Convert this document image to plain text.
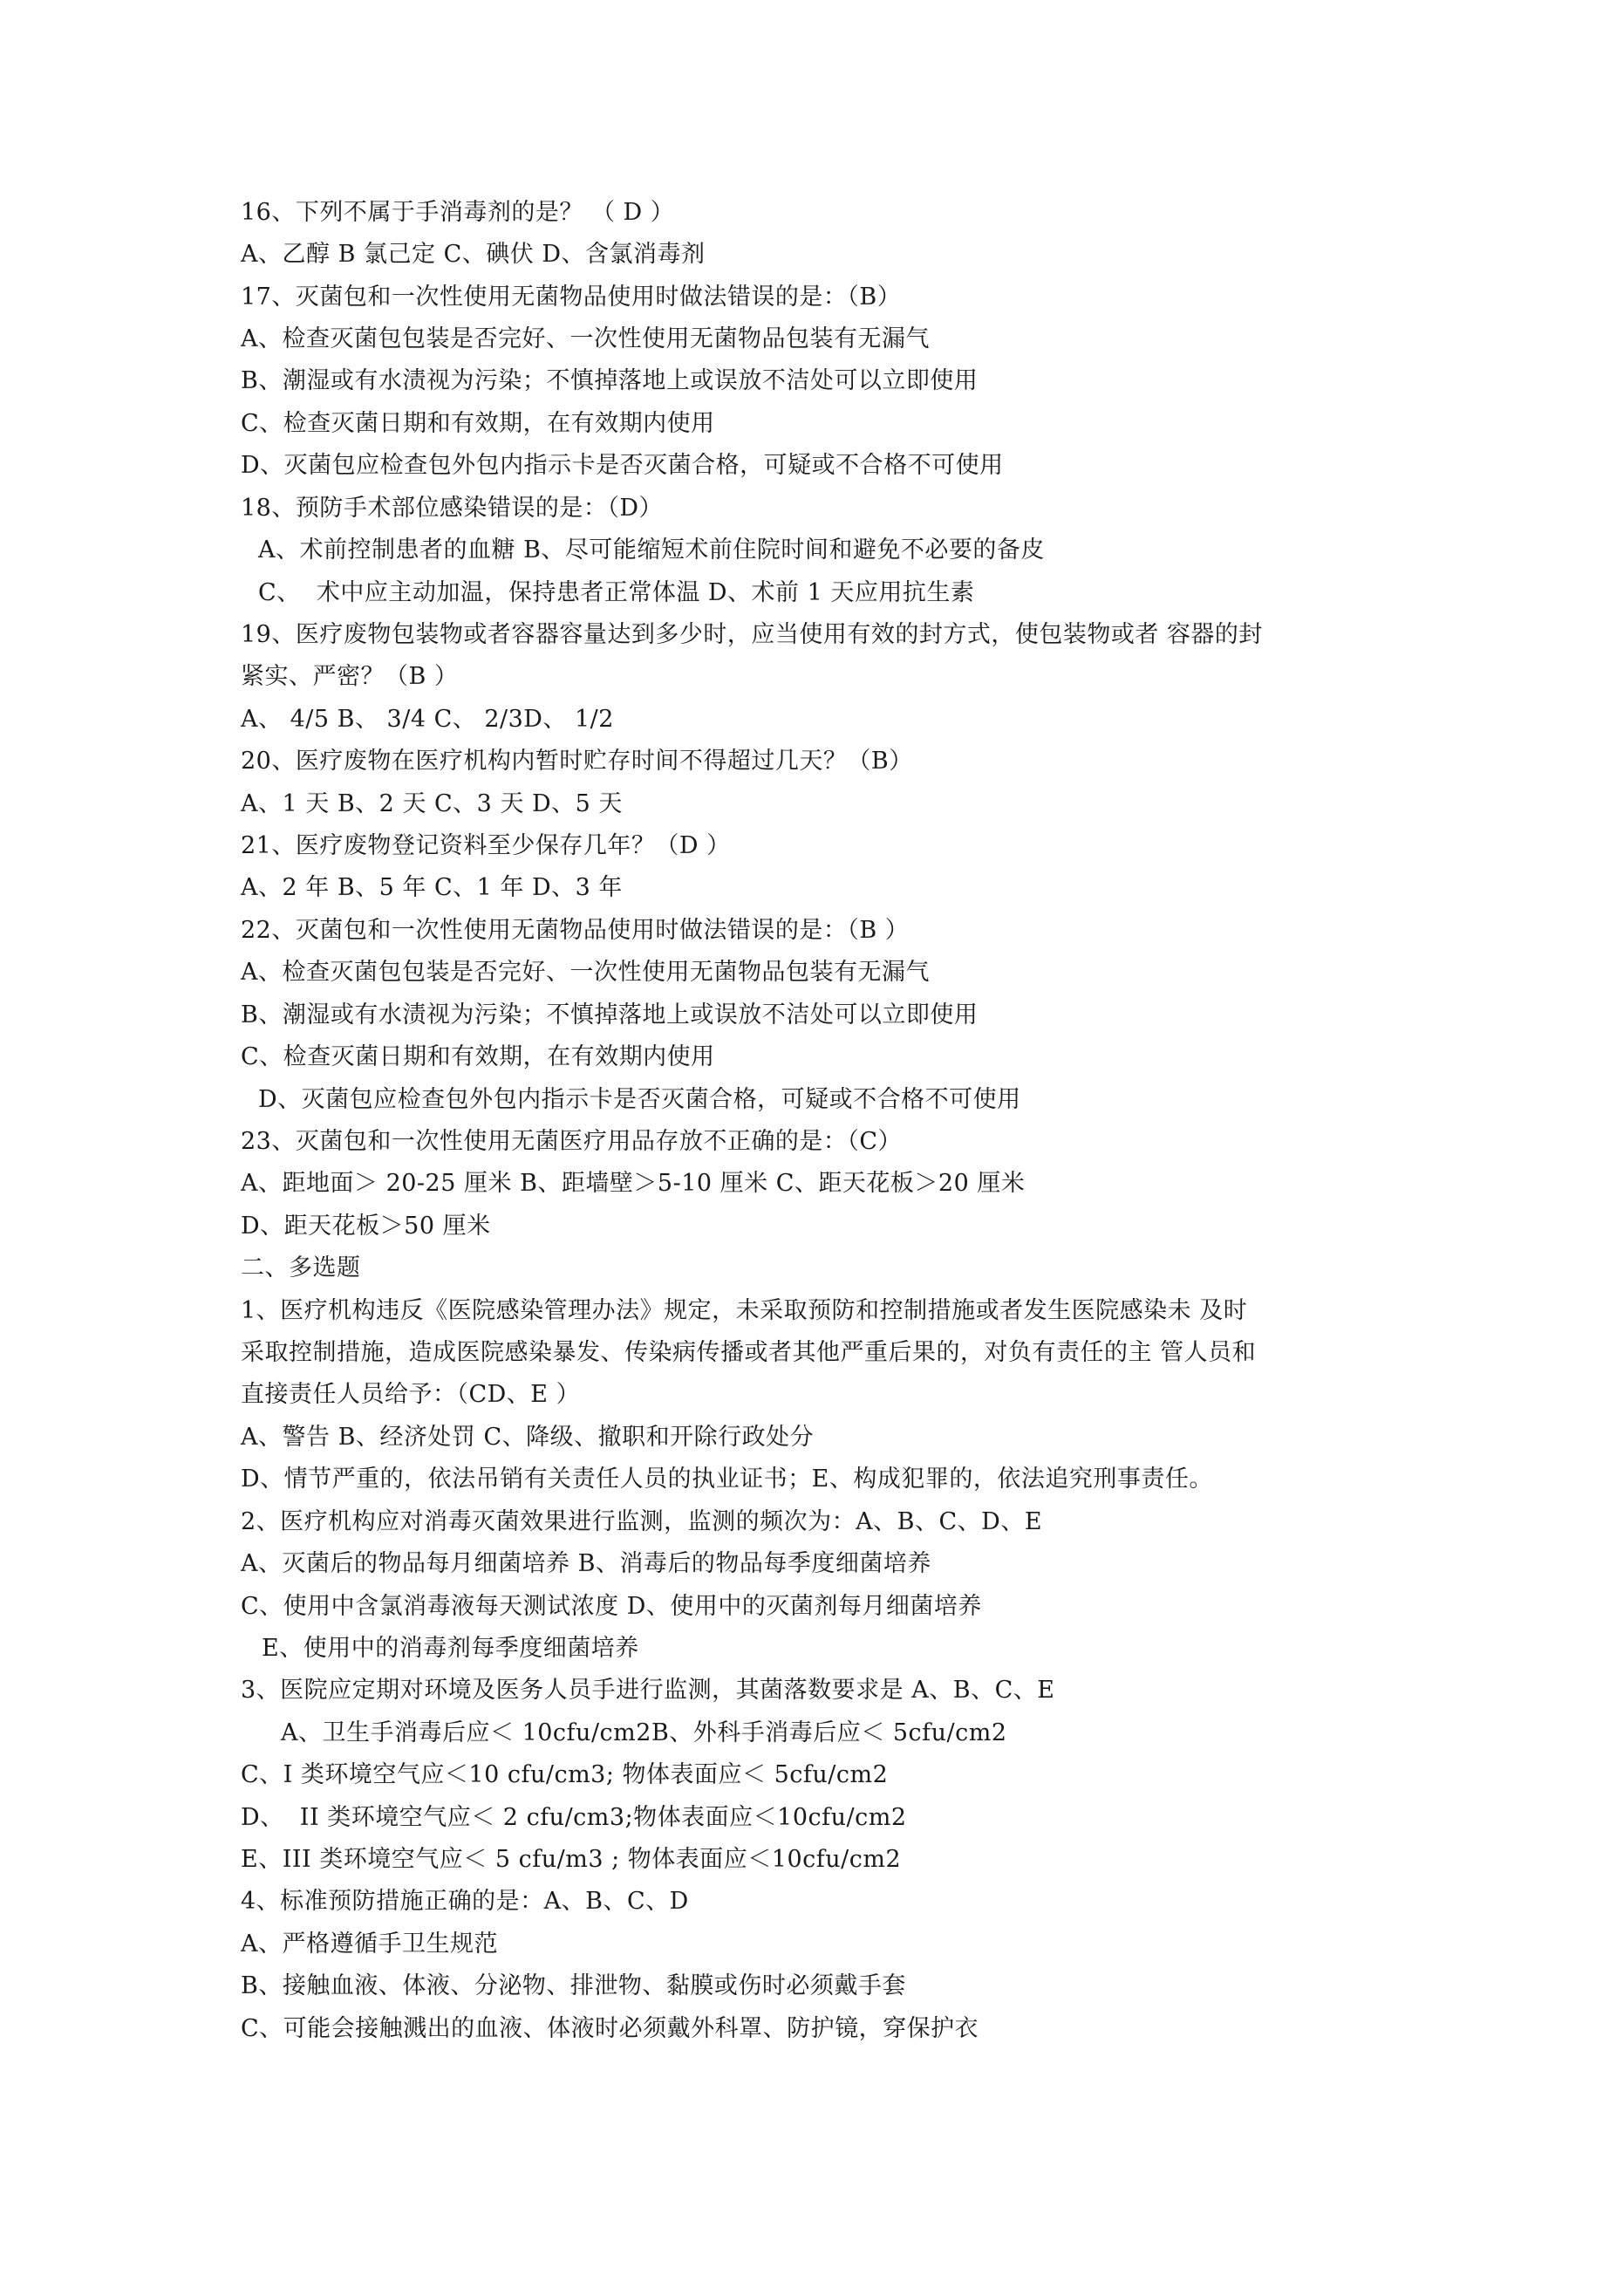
16、下列不属于手消毒剂的是？ （ D ）
A、乙醇 B 氯己定 C、碘伏 D、含氯消毒剂
17、灭菌包和一次性使用无菌物品使用时做法错误的是：（B）
A、检查灭菌包包装是否完好、一次性使用无菌物品包装有无漏气
B、潮湿或有水渍视为污染；不慎掉落地上或误放不洁处可以立即使用
C、检查灭菌日期和有效期，在有效期内使用
D、灭菌包应检查包外包内指示卡是否灭菌合格，可疑或不合格不可使用
18、预防手术部位感染错误的是：（D）
A、术前控制患者的血糖 B、尽可能缩短术前住院时间和避免不必要的备皮
C、  术中应主动加温，保持患者正常体温 D、术前 1 天应用抗生素
19、医疗废物包装物或者容器容量达到多少时，应当使用有效的封方式，使包装物或者 容器的封
紧实、严密？（B ）
A、 4/5 B、 3/4 C、 2/3D、 1/2
20、医疗废物在医疗机构内暂时贮存时间不得超过几天？（B）
A、1 天 B、2 天 C、3 天 D、5 天
21、医疗废物登记资料至少保存几年？（D ）
A、2 年 B、5 年 C、1 年 D、3 年
22、灭菌包和一次性使用无菌物品使用时做法错误的是：（B ）
A、检查灭菌包包装是否完好、一次性使用无菌物品包装有无漏气
B、潮湿或有水渍视为污染；不慎掉落地上或误放不洁处可以立即使用
C、检查灭菌日期和有效期，在有效期内使用
D、灭菌包应检查包外包内指示卡是否灭菌合格，可疑或不合格不可使用
23、灭菌包和一次性使用无菌医疗用品存放不正确的是：（C）
A、距地面＞ 20-25 厘米 B、距墙壁＞5-10 厘米 C、距天花板＞20 厘米
D、距天花板＞50 厘米
二、多选题
1、医疗机构违反《医院感染管理办法》规定，未采取预防和控制措施或者发生医院感染未 及时
采取控制措施，造成医院感染暴发、传染病传播或者其他严重后果的，对负有责任的主 管人员和
直接责任人员给予：（CD、E ）
A、警告 B、经济处罚 C、降级、撤职和开除行政处分
D、情节严重的，依法吊销有关责任人员的执业证书；E、构成犯罪的，依法追究刑事责任。
2、医疗机构应对消毒灭菌效果进行监测，监测的频次为：A、B、C、D、E
A、灭菌后的物品每月细菌培养 B、消毒后的物品每季度细菌培养
C、使用中含氯消毒液每天测试浓度 D、使用中的灭菌剂每月细菌培养
E、使用中的消毒剂每季度细菌培养
3、医院应定期对环境及医务人员手进行监测，其菌落数要求是 A、B、C、E
A、卫生手消毒后应＜ 10cfu/cm2B、外科手消毒后应＜ 5cfu/cm2
C、I 类环境空气应＜10 cfu/cm3; 物体表面应＜ 5cfu/cm2
D、  II 类环境空气应＜ 2 cfu/cm3;物体表面应＜10cfu/cm2
E、III 类环境空气应＜ 5 cfu/m3 ; 物体表面应＜10cfu/cm2
4、标准预防措施正确的是：A、B、C、D
A、严格遵循手卫生规范
B、接触血液、体液、分泌物、排泄物、黏膜或伤时必须戴手套
C、可能会接触溅出的血液、体液时必须戴外科罩、防护镜，穿保护衣
